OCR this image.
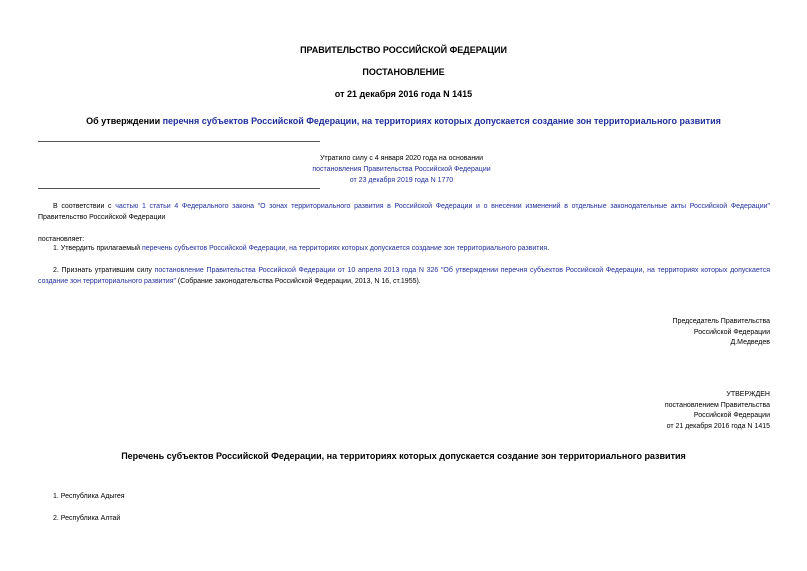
ПРАВИТЕЛЬСТВО РОССИЙСКОЙ ФЕДЕРАЦИИ
ПОСТАНОВЛЕНИЕ
от 21 декабря 2016 года N 1415
Об утверждении перечня субъектов Российской Федерации, на территориях которых допускается создание зон территориального развития
Утратило силу с 4 января 2020 года на основании
постановления Правительства Российской Федерации
от 23 декабря 2019 года N 1770
В соответствии с частью 1 статьи 4 Федерального закона "О зонах территориального развития в Российской Федерации и о внесении изменений в отдельные законодательные акты Российской Федерации" Правительство Российской Федерации
постановляет:
1. Утвердить прилагаемый перечень субъектов Российской Федерации, на территориях которых допускается создание зон территориального развития.
2. Признать утратившим силу постановление Правительства Российской Федерации от 10 апреля 2013 года N 326 "Об утверждении перечня субъектов Российской Федерации, на территориях которых допускается создание зон территориального развития" (Собрание законодательства Российской Федерации, 2013, N 16, ст.1955).
Председатель Правительства
Российской Федерации
Д.Медведев
УТВЕРЖДЕН
постановлением Правительства
Российской Федерации
от 21 декабря 2016 года N 1415
Перечень субъектов Российской Федерации, на территориях которых допускается создание зон территориального развития
1. Республика Адыгея
2. Республика Алтай
